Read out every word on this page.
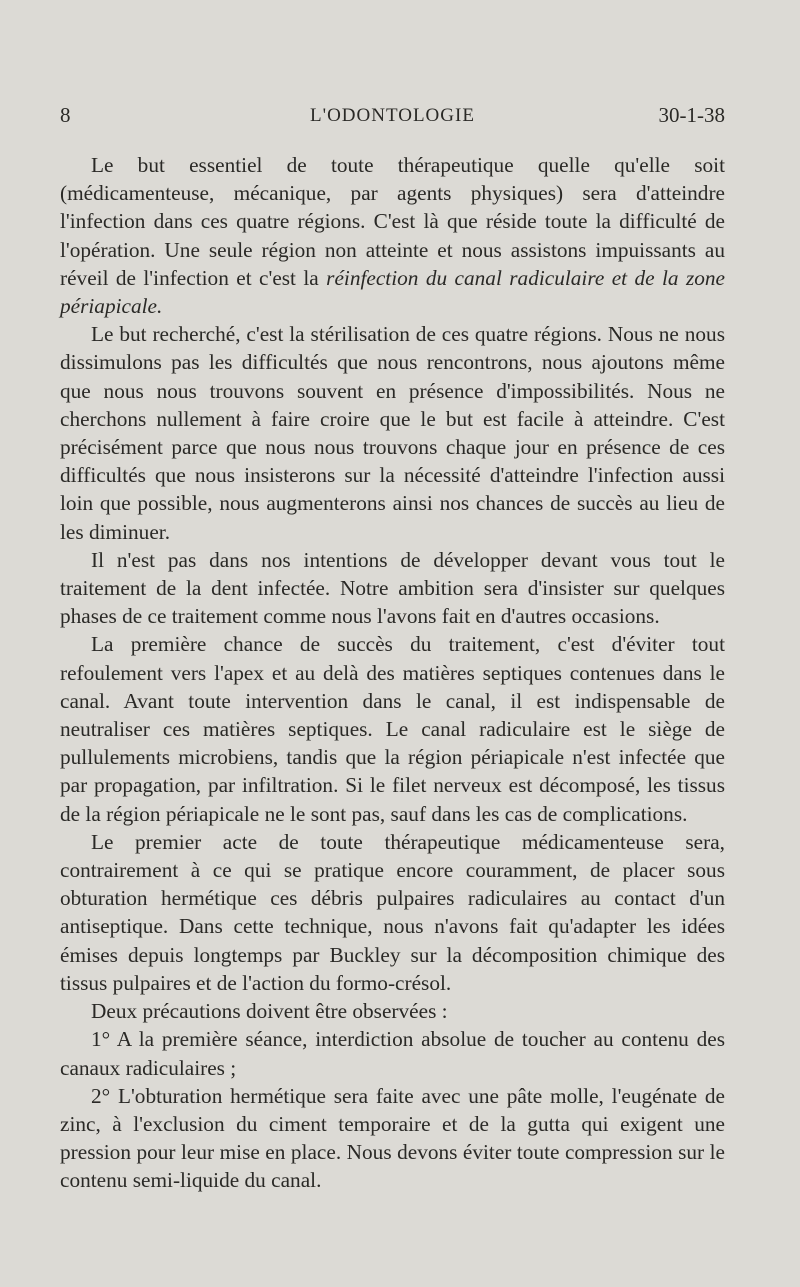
8	L'ODONTOLOGIE	30-1-38

Le but essentiel de toute thérapeutique quelle qu'elle soit (médicamenteuse, mécanique, par agents physiques) sera d'atteindre l'infection dans ces quatre régions. C'est là que réside toute la difficulté de l'opération. Une seule région non atteinte et nous assistons impuissants au réveil de l'infection et c'est la réinfection du canal radiculaire et de la zone périapicale.

Le but recherché, c'est la stérilisation de ces quatre régions. Nous ne nous dissimulons pas les difficultés que nous rencontrons, nous ajoutons même que nous nous trouvons souvent en présence d'impossibilités. Nous ne cherchons nullement à faire croire que le but est facile à atteindre. C'est précisément parce que nous nous trouvons chaque jour en présence de ces difficultés que nous insisterons sur la nécessité d'atteindre l'infection aussi loin que possible, nous augmenterons ainsi nos chances de succès au lieu de les diminuer.

Il n'est pas dans nos intentions de développer devant vous tout le traitement de la dent infectée. Notre ambition sera d'insister sur quelques phases de ce traitement comme nous l'avons fait en d'autres occasions.

La première chance de succès du traitement, c'est d'éviter tout refoulement vers l'apex et au delà des matières septiques contenues dans le canal. Avant toute intervention dans le canal, il est indispensable de neutraliser ces matières septiques. Le canal radiculaire est le siège de pullulements microbiens, tandis que la région périapicale n'est infectée que par propagation, par infiltration. Si le filet nerveux est décomposé, les tissus de la région périapicale ne le sont pas, sauf dans les cas de complications.

Le premier acte de toute thérapeutique médicamenteuse sera, contrairement à ce qui se pratique encore couramment, de placer sous obturation hermétique ces débris pulpaires radiculaires au contact d'un antiseptique. Dans cette technique, nous n'avons fait qu'adapter les idées émises depuis longtemps par Buckley sur la décomposition chimique des tissus pulpaires et de l'action du formo-crésol.

Deux précautions doivent être observées :

1° A la première séance, interdiction absolue de toucher au contenu des canaux radiculaires ;

2° L'obturation hermétique sera faite avec une pâte molle, l'eugénate de zinc, à l'exclusion du ciment temporaire et de la gutta qui exigent une pression pour leur mise en place. Nous devons éviter toute compression sur le contenu semi-liquide du canal.
